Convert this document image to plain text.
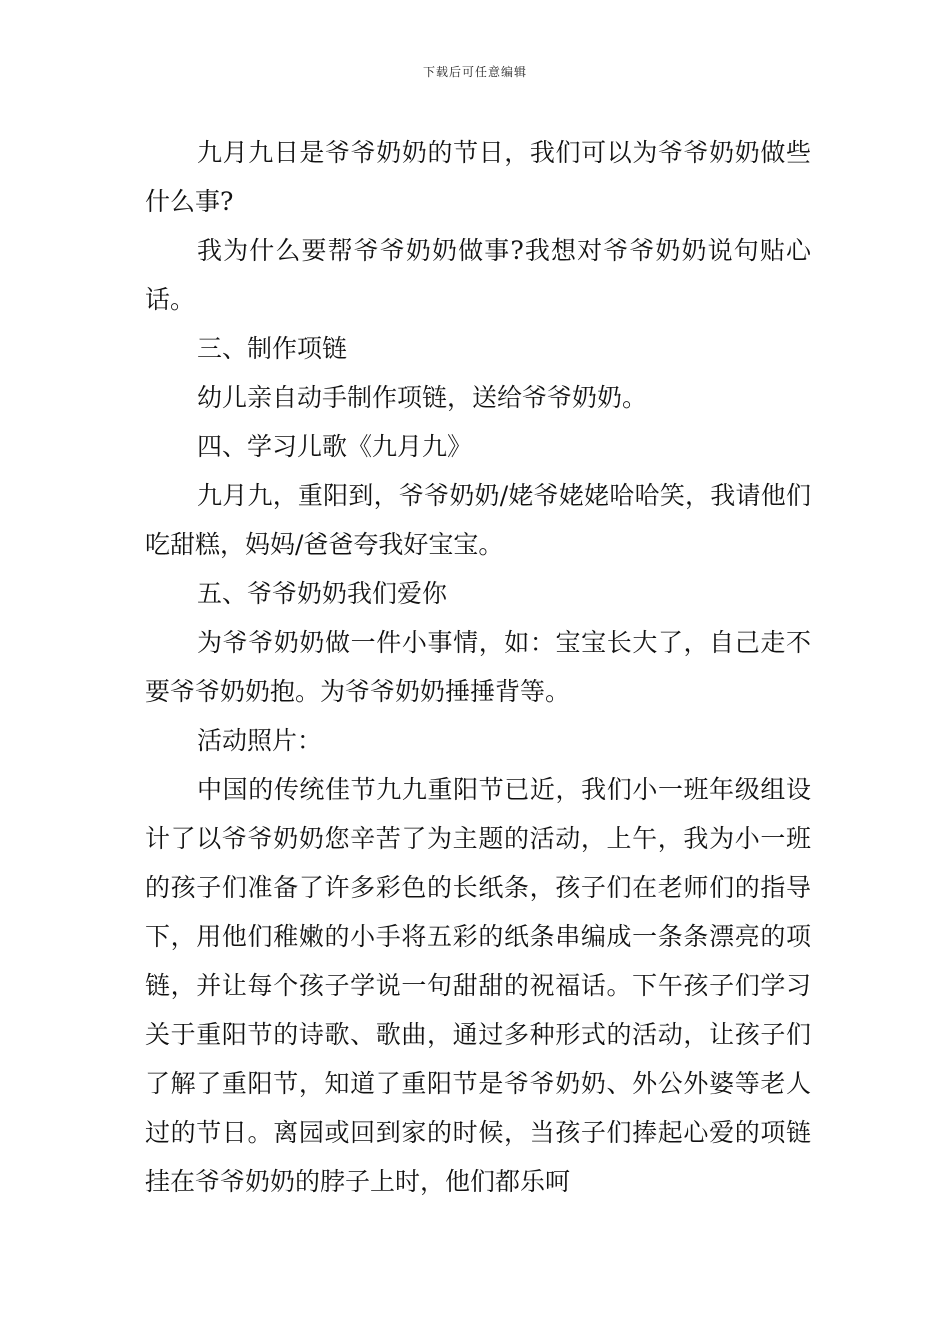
下载后可任意编辑

九月九日是爷爷奶奶的节日，我们可以为爷爷奶奶做些什么事?

我为什么要帮爷爷奶奶做事?我想对爷爷奶奶说句贴心话。

三、制作项链

幼儿亲自动手制作项链，送给爷爷奶奶。

四、学习儿歌《九月九》

九月九，重阳到，爷爷奶奶/姥爷姥姥哈哈笑，我请他们吃甜糕，妈妈/爸爸夸我好宝宝。

五、爷爷奶奶我们爱你

为爷爷奶奶做一件小事情，如：宝宝长大了，自己走不要爷爷奶奶抱。为爷爷奶奶捶捶背等。

活动照片：

中国的传统佳节九九重阳节已近，我们小一班年级组设计了以爷爷奶奶您辛苦了为主题的活动，上午，我为小一班的孩子们准备了许多彩色的长纸条，孩子们在老师们的指导下，用他们稚嫩的小手将五彩的纸条串编成一条条漂亮的项链，并让每个孩子学说一句甜甜的祝福话。下午孩子们学习关于重阳节的诗歌、歌曲，通过多种形式的活动，让孩子们了解了重阳节，知道了重阳节是爷爷奶奶、外公外婆等老人过的节日。离园或回到家的时候，当孩子们捧起心爱的项链挂在爷爷奶奶的脖子上时，他们都乐呵
